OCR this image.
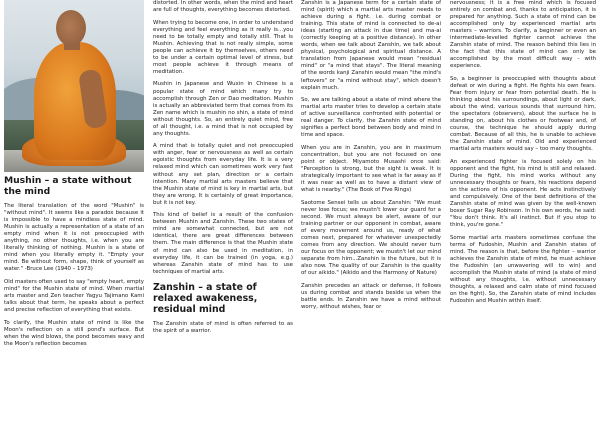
Mushin – a state without the mind

The literal translation of the word "Mushin" is "without mind". It seems like a paradox because it is impossible to have a mindless state of mind. Mushin is actually a representation of a state of an empty mind when it is not preoccupied with anything, no other thoughts, i.e. when you are literally thinking of nothing. Mushin is a state of mind when you literally empty it. "Empty your mind. Be without form, shape, think of yourself as water." -Bruce Lee (1940 – 1973)

Old masters often used to say "empty heart, empty mind" for the Mushin state of mind. When martial arts master and Zen teacher Yagyu Tajimano Kami talks about that term, he speaks about a perfect and precise reflection of everything that exists.

To clarify, the Mushin state of mind is like the Moon's reflection on a still pond's surface. But when the wind blows, the pond becomes wavy and the Moon's reflection becomes

distorted. In other words, when the mind and heart are full of thoughts, everything becomes distorted.

When trying to become one, in order to understand everything and feel everything as it really is...you need to be totally empty and totally still. That is Mushin. Achieving that is not really simple, some people can achieve it by themselves, others need to be under a certain optimal level of stress, but most people achieve it through means of meditation.

Mushin in Japanese and Wuxin in Chinese is a popular state of mind which many try to accomplish through Zen or Dao meditation. Mushin is actually an abbreviated term that comes from its Zen name which is mushin no shin, a state of mind without thoughts. So, an entirely quiet mind, free of all thought, i.e. a mind that is not occupied by any thoughts.

A mind that is totally quiet and not preoccupied with anger, fear or nervousness as well as certain egoistic thoughts from everyday life. It is a very relaxed mind which can sometimes work very fast without any set plan, direction or a certain intention. Many martial arts masters believe that the Mushin state of mind is key in martial arts, but they are wrong. It is certainly of great importance, but it is not key.

This kind of belief is a result of the confusion between Mushin and Zanshin. These two states of mind are somewhat connected, but are not identical, there are great differences between them. The main difference is that the Mushin state of mind can also be used in meditation, in everyday life, it can be trained (in yoga, e.g.) whereas Zanshin state of mind has to use techniques of martial arts.

Zanshin – a state of relaxed awakeness, residual mind

The Zanshin state of mind is often referred to as the spirit of a warrior.

Zanshin is a Japanese term for a certain state of mind (spirit) which a martial arts master needs to achieve during a fight. i.e. during combat or training. This state of mind is connected to de-ai ideas (starting an attack in due time) and ma-ai (correctly keeping at a positive distance). In other words, when we talk about Zanshin, we talk about physical, psychological and spiritual distance. A translation from Japanese would mean "residual mind" or "a mind that stays". The literal meaning of the words kanji Zanshin would mean "the mind's leftovers" or "a mind without stay", which doesn't explain much.

So, we are talking about a state of mind where the martial arts master tries to develop a certain state of active surveillance confronted with potential or real danger. To clarify, the Zanshin state of mind signifies a perfect bond between body and mind in time and space.

When you are in Zanshin, you are in maximum concentration, but you are not focused on one point or object. Miyamoto Musashi once said: "Perception is strong, but the sight is weak. It is strategically important to see what is far away as if it was near as well as to have a distant view of what is nearby." (The Book of Five Rings)

Saotome Sensei tells us about Zanshin: "We must never lose focus; we mustn't lower our guard for a second. We must always be alert, aware of our training partner or our opponent in combat, aware of every movement around us, ready of what comes next, prepared for whatever unexpectedly comes from any direction. We should never turn our focus on the opponent; we mustn't let our mind separate from him...Zanshin is the future, but it is also now. The quality of our Zanshin is the quality of our aikido." (Aikido and the Harmony of Nature)

Zanshin precedes an attack or defense, it follows us during combat and stands beside us when the battle ends. In Zanshin we have a mind without worry, without wishes, fear or

nervousness; it is a free mind which is focused entirely on combat and, thanks to anticipation, it is prepared for anything. Such a state of mind can be accomplished only by experienced martial arts masters – warriors. To clarify, a beginner or even an intermediate-levelled fighter cannot achieve the Zanshin state of mind. The reason behind this lies in the fact that this state of mind can only be accomplished by the most difficult way - with experience.

So, a beginner is preoccupied with thoughts about defeat or win during a fight. He fights his own fears. Fear from injury or fear from potential death. He is thinking about his surroundings, about light or dark, about the wind, various sounds that surround him, the spectators (observers), about the surface he is standing on, about his clothes or footwear and, of course, the technique he should apply during combat. Because of all this, he is unable to achieve the Zanshin state of mind. Old and experienced martial arts masters would say – too many thoughts.

An experienced fighter is focused solely on his opponent and the fight, his mind is still and relaxed. During the fight, his mind works without any unnecessary thoughts or fears, his reactions depend on the actions of his opponent. He acts instinctively and compulsively. One of the best definitions of the Zanshin state of mind was given by the well-known boxer Sugar Ray Robinson. In his own words, he said: "You don't think. It's all instinct. But if you stop to think, you're gone."

Some martial arts masters sometimes confuse the terms of Fudoshin, Mushin and Zanshin states of mind. The reason is that, before the fighter – warrior achieves the Zanshin state of mind, he must achieve the Fudoshin (an unwavering will to win) and accomplish the Mushin state of mind (a state of mind without any thoughts, i.e. without unnecessary thoughts, a relaxed and calm state of mind focused on the fight). So, the Zanshin state of mind includes Fudoshin and Mushin within itself.
